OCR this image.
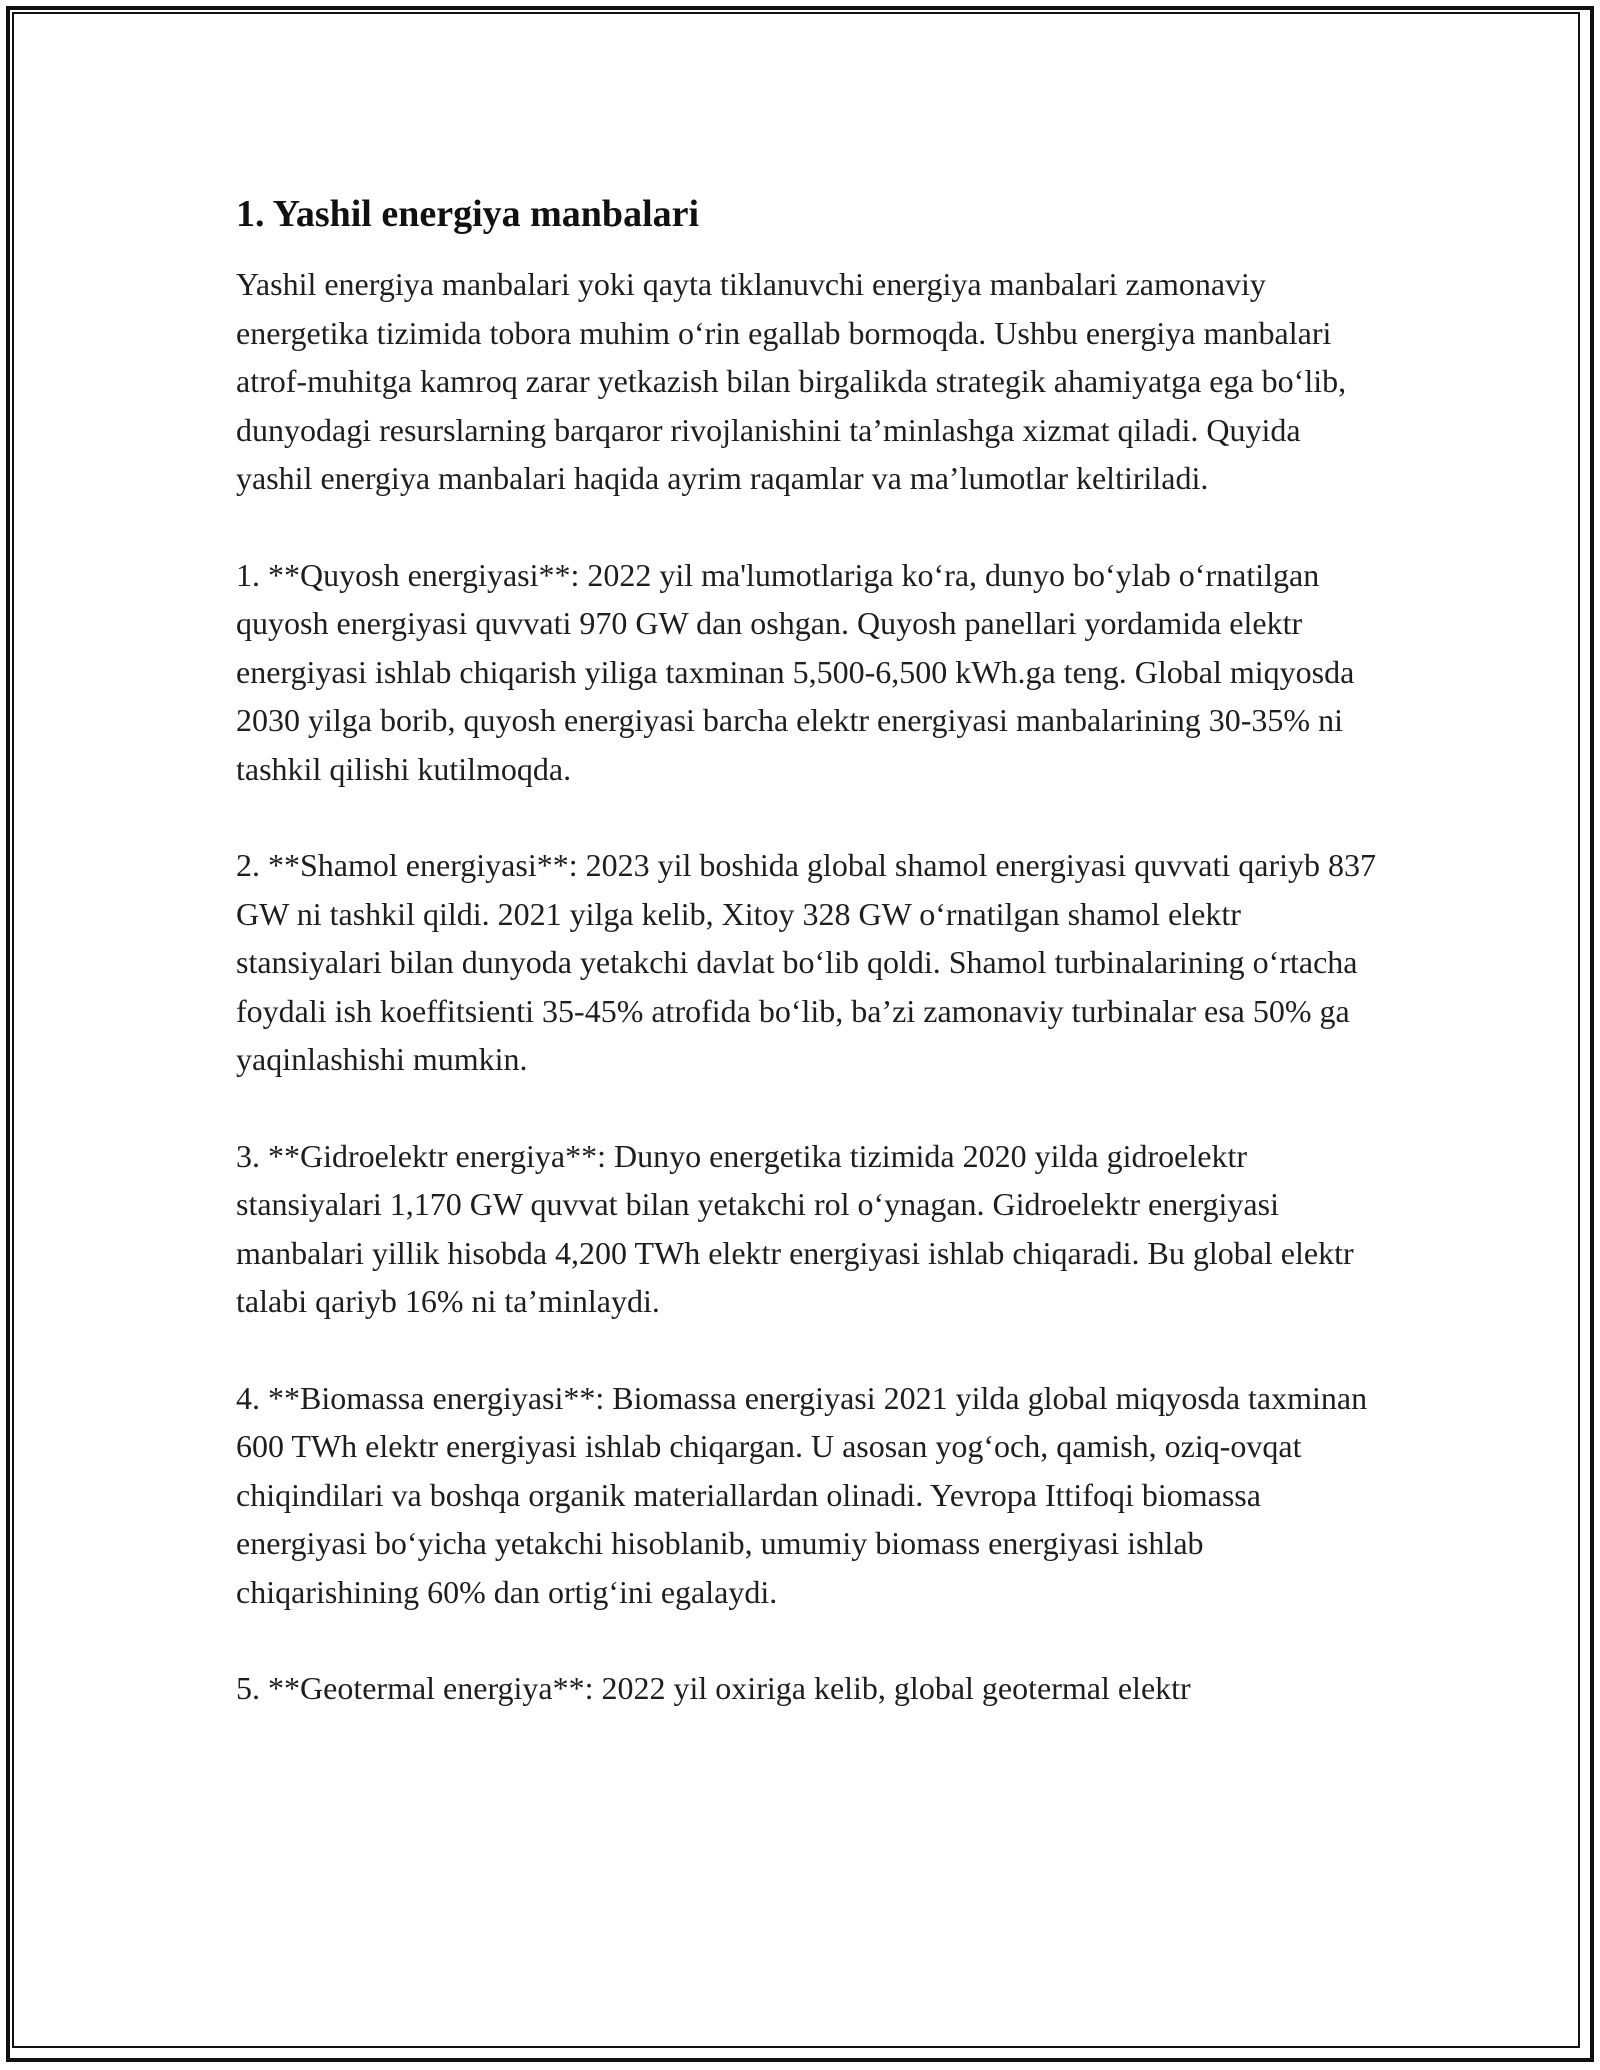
1. Yashil energiya manbalari

Yashil energiya manbalari yoki qayta tiklanuvchi energiya manbalari zamonaviy energetika tizimida tobora muhim o‘rin egallab bormoqda. Ushbu energiya manbalari atrof-muhitga kamroq zarar yetkazish bilan birgalikda strategik ahamiyatga ega bo‘lib, dunyodagi resurslarning barqaror rivojlanishini ta’minlashga xizmat qiladi. Quyida yashil energiya manbalari haqida ayrim raqamlar va ma’lumotlar keltiriladi.

1. **Quyosh energiyasi**: 2022 yil ma'lumotlariga ko‘ra, dunyo bo‘ylab o‘rnatilgan quyosh energiyasi quvvati 970 GW dan oshgan. Quyosh panellari yordamida elektr energiyasi ishlab chiqarish yiliga taxminan 5,500-6,500 kWh.ga teng. Global miqyosda 2030 yilga borib, quyosh energiyasi barcha elektr energiyasi manbalarining 30-35% ni tashkil qilishi kutilmoqda.

2. **Shamol energiyasi**: 2023 yil boshida global shamol energiyasi quvvati qariyb 837 GW ni tashkil qildi. 2021 yilga kelib, Xitoy 328 GW o‘rnatilgan shamol elektr stansiyalari bilan dunyoda yetakchi davlat bo‘lib qoldi. Shamol turbinalarining o‘rtacha foydali ish koeffitsienti 35-45% atrofida bo‘lib, ba’zi zamonaviy turbinalar esa 50% ga yaqinlashishi mumkin.

3. **Gidroelektr energiya**: Dunyo energetika tizimida 2020 yilda gidroelektr stansiyalari 1,170 GW quvvat bilan yetakchi rol o‘ynagan. Gidroelektr energiyasi manbalari yillik hisobda 4,200 TWh elektr energiyasi ishlab chiqaradi. Bu global elektr talabi qariyb 16% ni ta’minlaydi.

4. **Biomassa energiyasi**: Biomassa energiyasi 2021 yilda global miqyosda taxminan 600 TWh elektr energiyasi ishlab chiqargan. U asosan yog‘och, qamish, oziq-ovqat chiqindilari va boshqa organik materiallardan olinadi. Yevropa Ittifoqi biomassa energiyasi bo‘yicha yetakchi hisoblanib, umumiy biomass energiyasi ishlab chiqarishining 60% dan ortig‘ini egalaydi.

5. **Geotermal energiya**: 2022 yil oxiriga kelib, global geotermal elektr
